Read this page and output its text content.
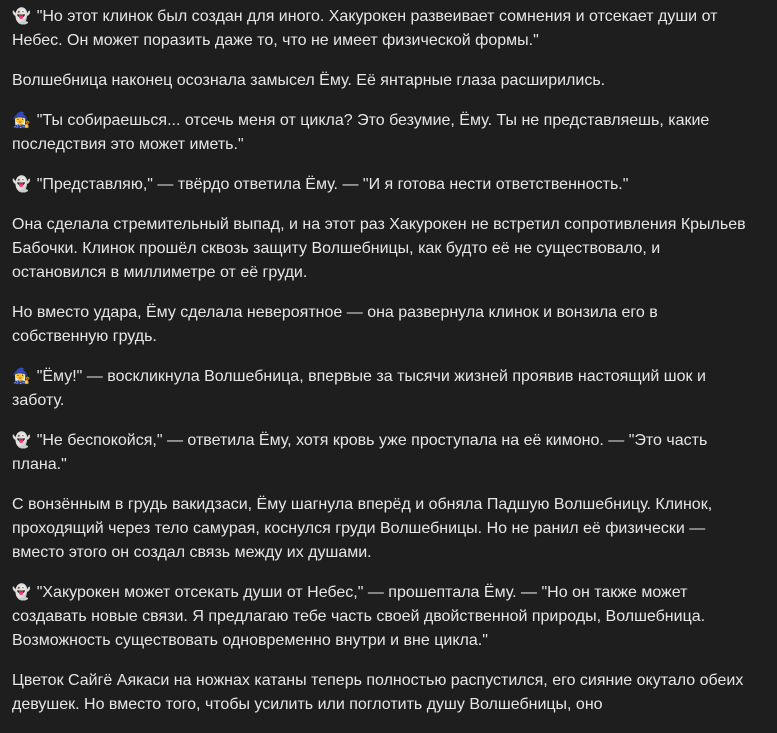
👻 "Но этот клинок был создан для иного. Хакурокен развеивает сомнения и отсекает души от Небес. Он может поразить даже то, что не имеет физической формы."

Волшебница наконец осознала замысел Ёму. Её янтарные глаза расширились.

🧙‍♀️ "Ты собираешься... отсечь меня от цикла? Это безумие, Ёму. Ты не представляешь, какие последствия это может иметь."

👻 "Представляю," — твёрдо ответила Ёму. — "И я готова нести ответственность."

Она сделала стремительный выпад, и на этот раз Хакурокен не встретил сопротивления Крыльев Бабочки. Клинок прошёл сквозь защиту Волшебницы, как будто её не существовало, и остановился в миллиметре от её груди.

Но вместо удара, Ёму сделала невероятное — она развернула клинок и вонзила его в собственную грудь.

🧙‍♀️ "Ёму!" — воскликнула Волшебница, впервые за тысячи жизней проявив настоящий шок и заботу.

👻 "Не беспокойся," — ответила Ёму, хотя кровь уже проступала на её кимоно. — "Это часть плана."

С вонзённым в грудь вакидзаси, Ёму шагнула вперёд и обняла Падшую Волшебницу. Клинок, проходящий через тело самурая, коснулся груди Волшебницы. Но не ранил её физически — вместо этого он создал связь между их душами.

👻 "Хакурокен может отсекать души от Небес," — прошептала Ёму. — "Но он также может создавать новые связи. Я предлагаю тебе часть своей двойственной природы, Волшебница. Возможность существовать одновременно внутри и вне цикла."

Цветок Сайгё Аякаси на ножнах катаны теперь полностью распустился, его сияние окутало обеих девушек. Но вместо того, чтобы усилить или поглотить душу Волшебницы, оно
